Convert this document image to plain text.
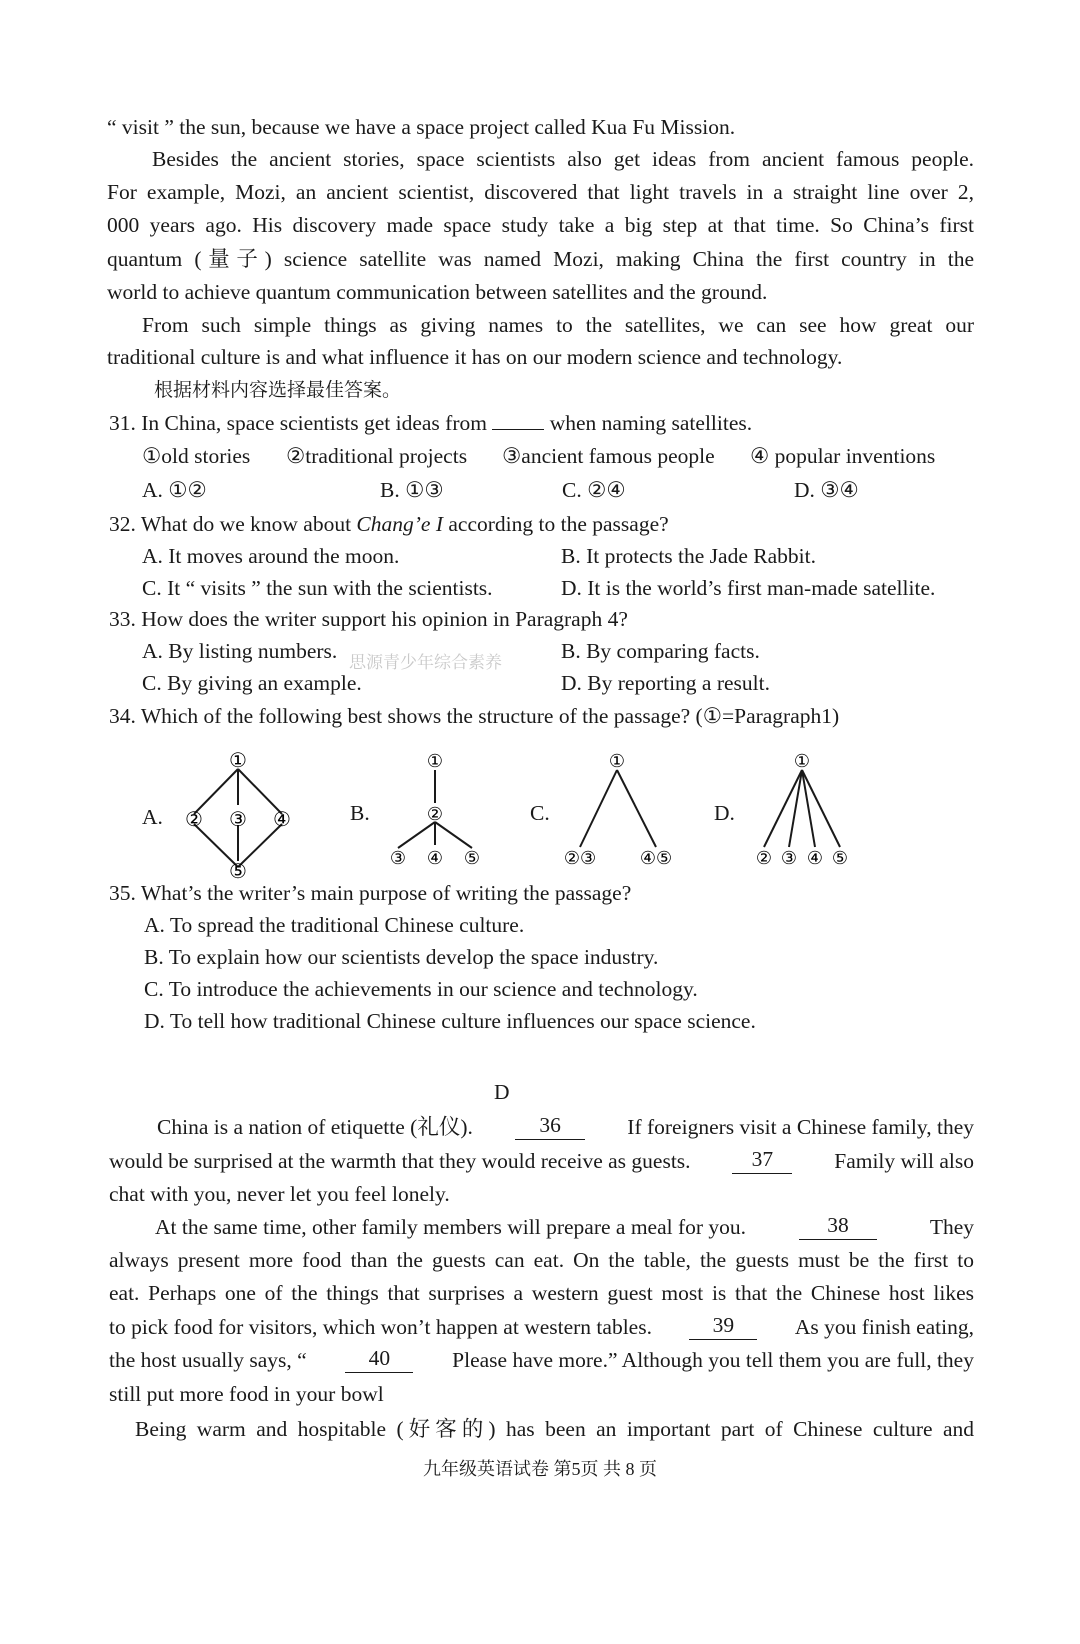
“ visit ” the sun, because we have a space project called Kua Fu Mission.
Besides the ancient stories, space scientists also get ideas from ancient famous people.
For example, Mozi, an ancient scientist, discovered that light travels in a straight line over 2,
000 years ago. His discovery made space study take a big step at that time. So China’s first
quantum (量子) science satellite was named Mozi, making China the first country in the
world to achieve quantum communication between satellites and the ground.
From such simple things as giving names to the satellites, we can see how great our
traditional culture is and what influence it has on our modern science and technology.
根据材料内容选择最佳答案。
31. In China, space scientists get ideas from	when naming satellites.
①old stories ②traditional projects ③ancient famous people ④ popular inventions
A. ①②	B. ①③	C. ②④	D. ③④
32. What do we know about Chang’e I according to the passage?
A. It moves around the moon.	B. It protects the Jade Rabbit.
C. It “ visits ” the sun with the scientists.	D. It is the world’s first man-made satellite.
33. How does the writer support his opinion in Paragraph 4?
A. By listing numbers. 思源青少年综合素养	B. By comparing facts.
C. By giving an example.	D. By reporting a result.
34. Which of the following best shows the structure of the passage? (①=Paragraph1)
A.	B.	C.	D.
①
② ③ ④
⑤
①
②
③ ④ ⑤
①
②③ ④⑤
①
② ③ ④ ⑤
35. What’s the writer’s main purpose of writing the passage?
A. To spread the traditional Chinese culture.
B. To explain how our scientists develop the space industry.
C. To introduce the achievements in our science and technology.
D. To tell how traditional Chinese culture influences our space science.
D
China is a nation of etiquette (礼仪).	36	If foreigners visit a Chinese family, they
would be surprised at the warmth that they would receive as guests.	37	Family will also
chat with you, never let you feel lonely.
At the same time, other family members will prepare a meal for you.	38	They
always present more food than the guests can eat. On the table, the guests must be the first to
eat. Perhaps one of the things that surprises a western guest most is that the Chinese host likes
to pick food for visitors, which won’t happen at western tables.	39	As you finish eating,
the host usually says, “	40	Please have more.” Although you tell them you are full, they
still put more food in your bowl
Being warm and hospitable (好客的) has been an important part of Chinese culture and
九年级英语试卷 第5页 共 8 页
